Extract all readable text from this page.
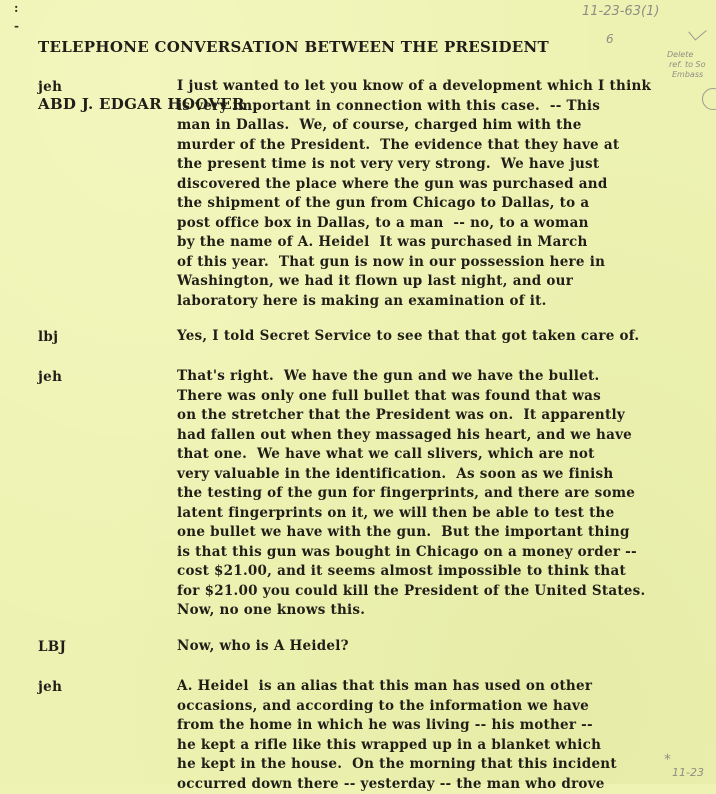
TELEPHONE CONVERSATION BETWEEN THE PRESIDENT

ABD J. EDGAR HOOVER

:
-
11-23-63(1)
6
Delete
ref. to So
Embass
*
11-23
jeh	I just wanted to let you know of a development which I think
is very important in connection with this case.  -- This
man in Dallas.  We, of course, charged him with the
murder of the President.  The evidence that they have at
the present time is not very very strong.  We have just
discovered the place where the gun was purchased and
the shipment of the gun from Chicago to Dallas, to a
post office box in Dallas, to a man  -- no, to a woman
by the name of A. Heidel  It was purchased in March
of this year.  That gun is now in our possession here in
Washington, we had it flown up last night, and our
laboratory here is making an examination of it.
lbj	Yes, I told Secret Service to see that that got taken care of.
jeh	That's right.  We have the gun and we have the bullet.
There was only one full bullet that was found that was
on the stretcher that the President was on.  It apparently
had fallen out when they massaged his heart, and we have
that one.  We have what we call slivers, which are not
very valuable in the identification.  As soon as we finish
the testing of the gun for fingerprints, and there are some
latent fingerprints on it, we will then be able to test the
one bullet we have with the gun.  But the important thing
is that this gun was bought in Chicago on a money order --
cost $21.00, and it seems almost impossible to think that
for $21.00 you could kill the President of the United States.
Now, no one knows this.
LBJ	Now, who is A Heidel?
jeh	A. Heidel  is an alias that this man has used on other
occasions, and according to the information we have
from the home in which he was living -- his mother --
he kept a rifle like this wrapped up in a blanket which
he kept in the house.  On the morning that this incident
occurred down there -- yesterday -- the man who drove
